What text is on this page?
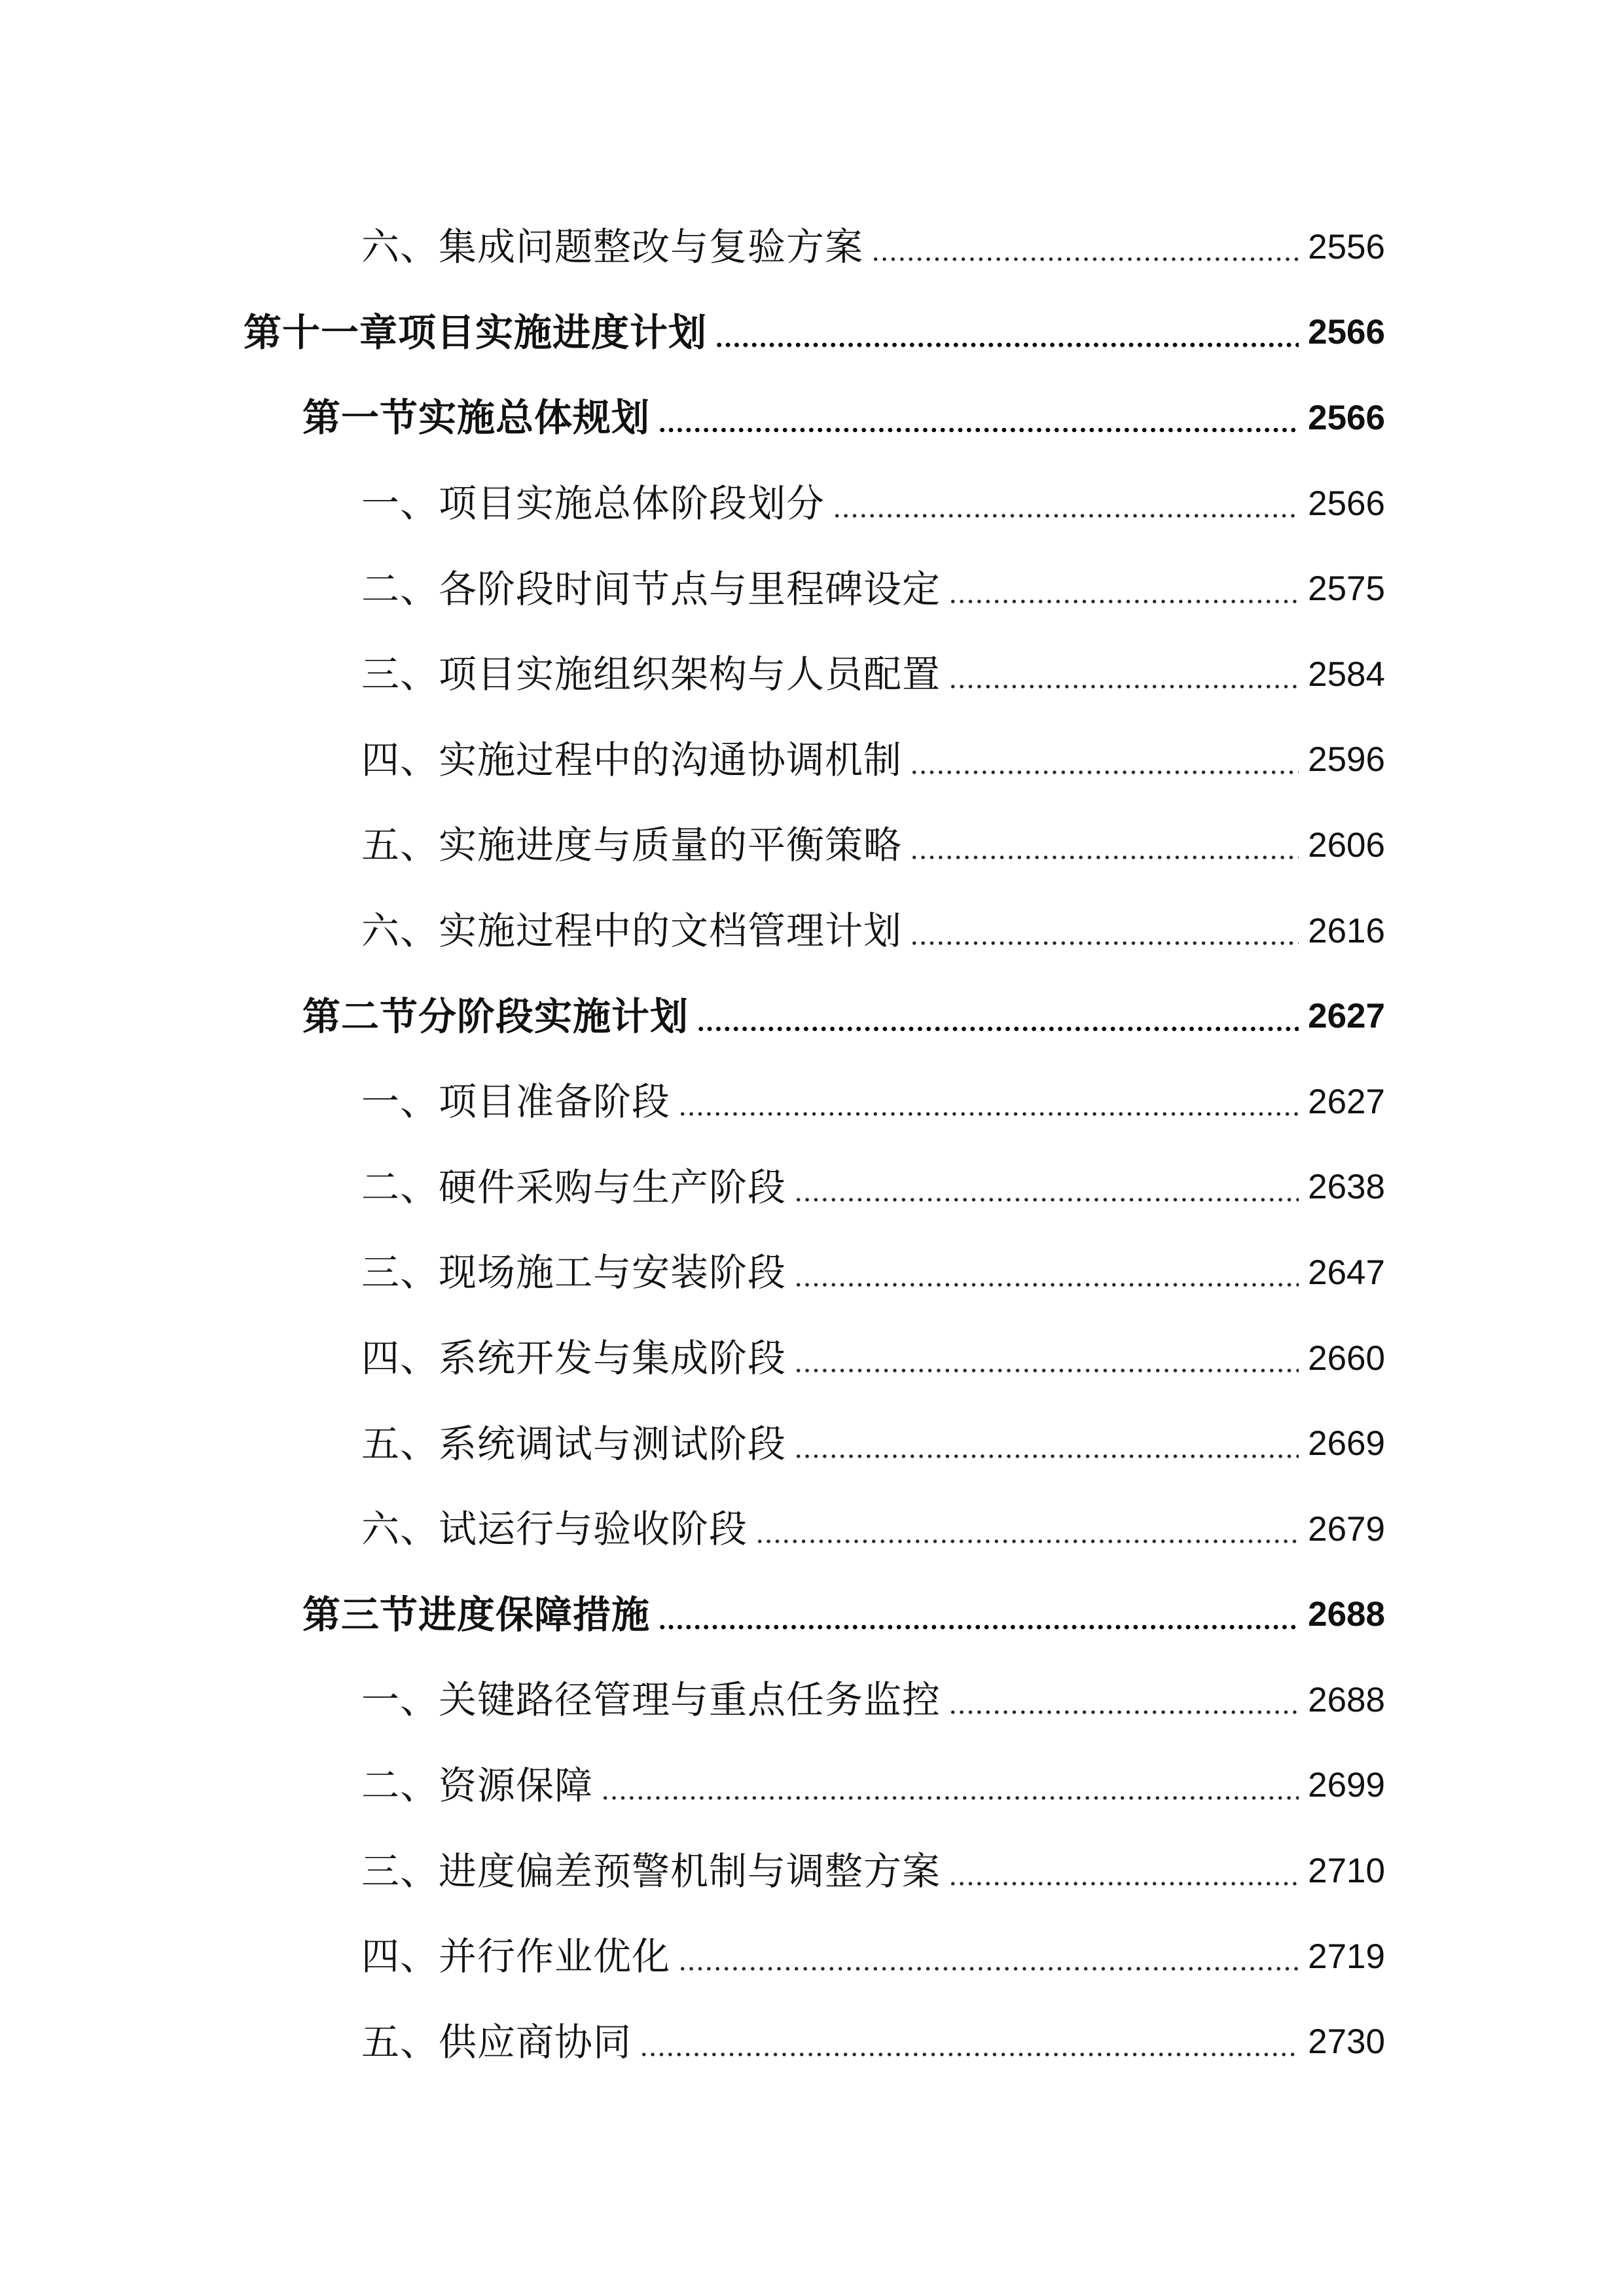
六、集成问题整改与复验方案	2556
第十一章项目实施进度计划	2566
第一节实施总体规划	2566
一、项目实施总体阶段划分	2566
二、各阶段时间节点与里程碑设定	2575
三、项目实施组织架构与人员配置	2584
四、实施过程中的沟通协调机制	2596
五、实施进度与质量的平衡策略	2606
六、实施过程中的文档管理计划	2616
第二节分阶段实施计划	2627
一、项目准备阶段	2627
二、硬件采购与生产阶段	2638
三、现场施工与安装阶段	2647
四、系统开发与集成阶段	2660
五、系统调试与测试阶段	2669
六、试运行与验收阶段	2679
第三节进度保障措施	2688
一、关键路径管理与重点任务监控	2688
二、资源保障	2699
三、进度偏差预警机制与调整方案	2710
四、并行作业优化	2719
五、供应商协同	2730
